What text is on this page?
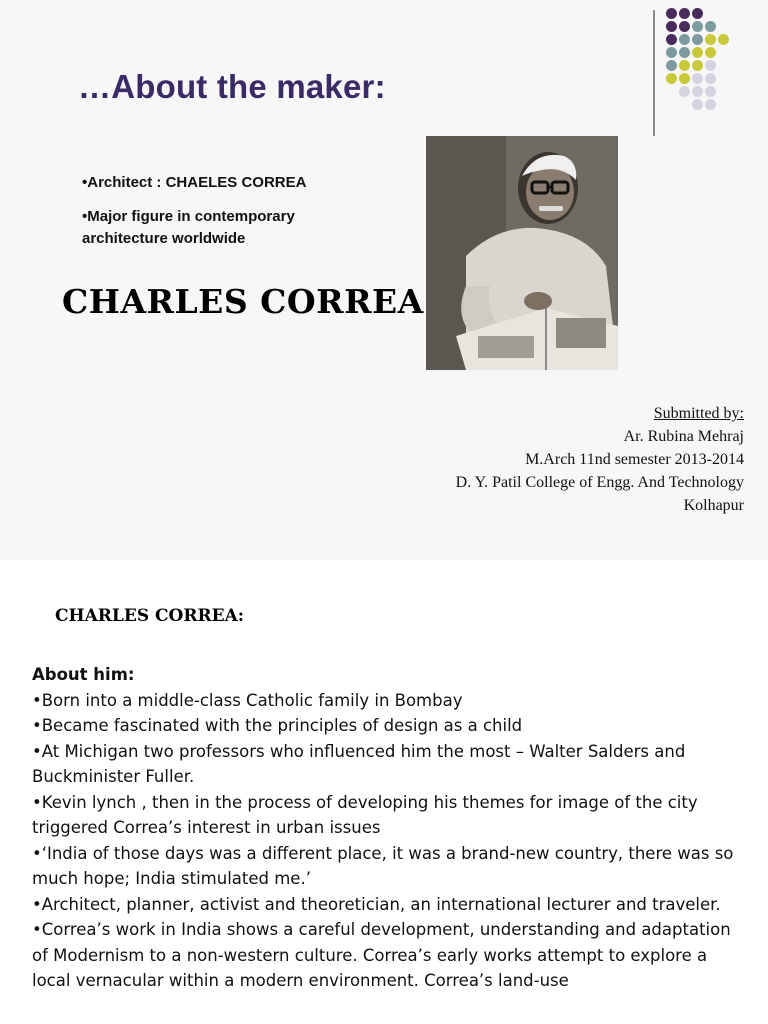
…About the maker:
•Architect : CHAELES CORREA
•Major figure in contemporary architecture worldwide
CHARLES CORREA
Submitted by:
Ar. Rubina Mehraj
M.Arch 11nd semester 2013-2014
D. Y. Patil College of Engg. And Technology
Kolhapur
CHARLES CORREA:
About him:
•Born into a middle-class Catholic family in Bombay
•Became fascinated with the principles of design as a child
•At Michigan two professors who influenced him the most – Walter Salders and Buckminister Fuller.
•Kevin lynch , then in the process of developing his themes for image of the city triggered Correa’s interest in urban issues
•‘India of those days was a different place, it was a brand-new country, there was so much hope; India stimulated me.’
•Architect, planner, activist and theoretician, an international lecturer and traveler.
•Correa’s work in India shows a careful development, understanding and adaptation of Modernism to a non-western culture. Correa’s early works attempt to explore a local vernacular within a modern environment. Correa’s land-use
